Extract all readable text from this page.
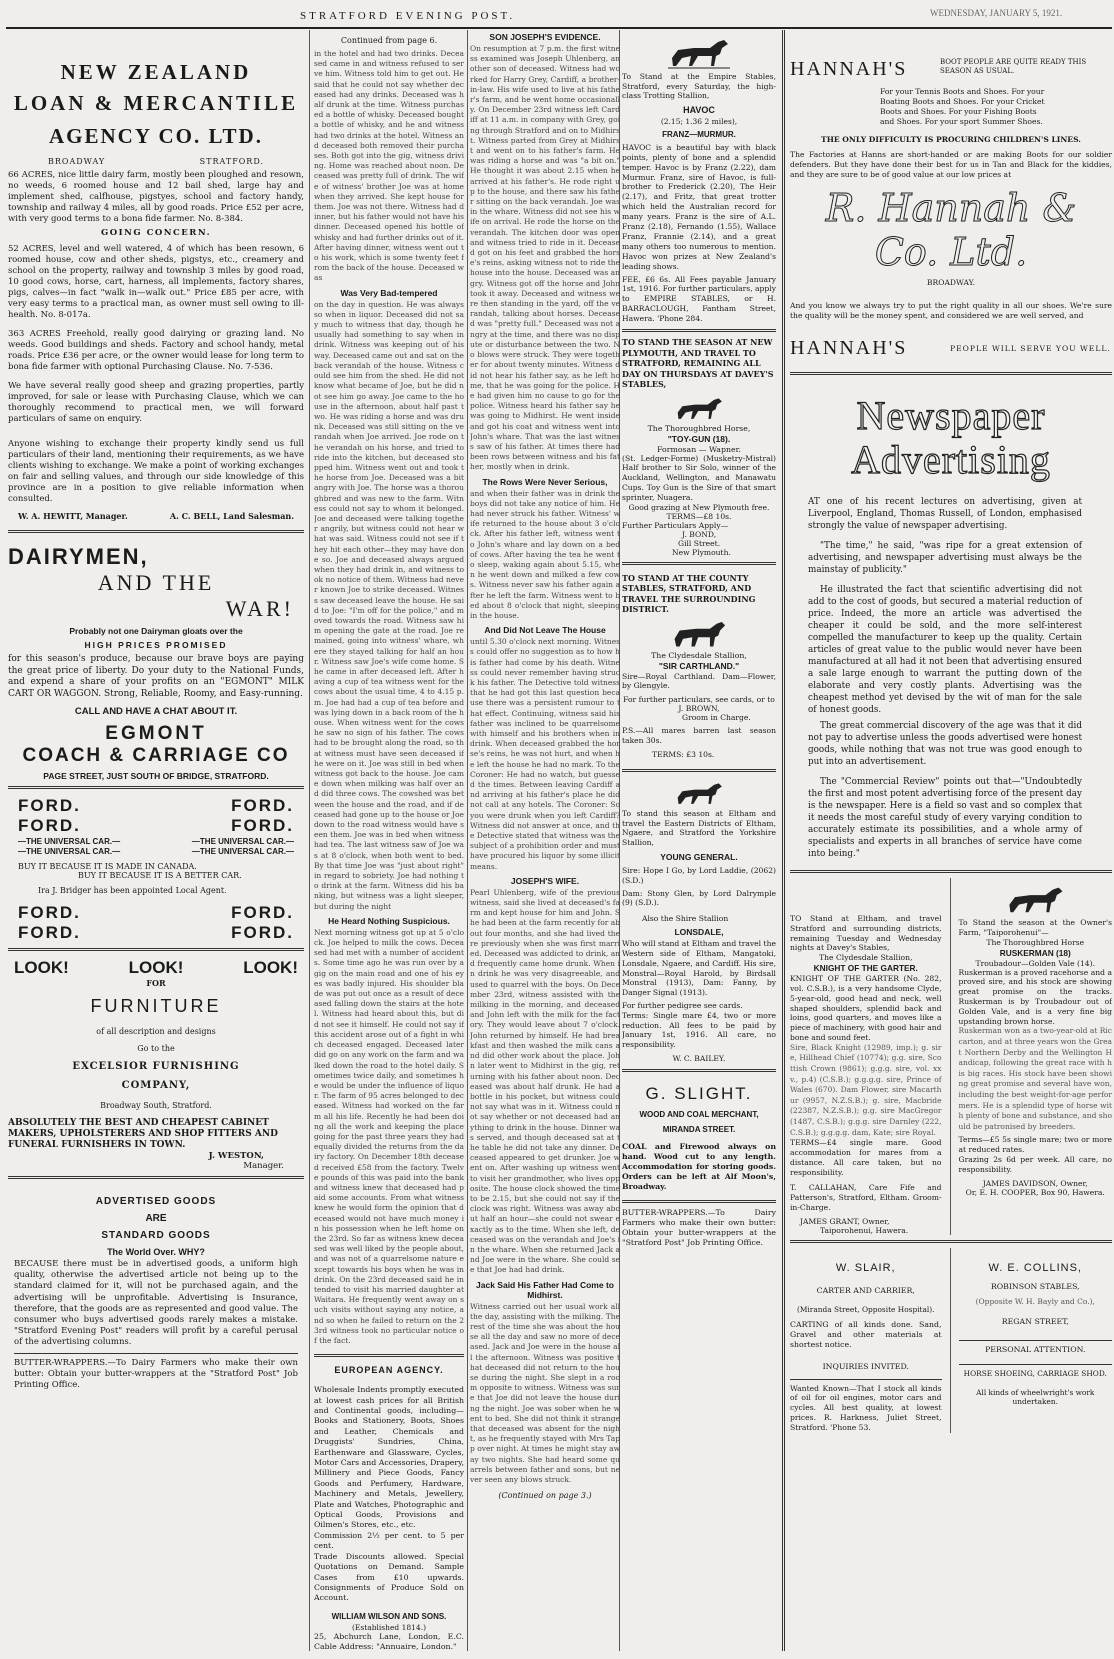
STRATFORD EVENING POST.	WEDNESDAY, JANUARY 5, 1921.
NEW ZEALAND
LOAN & MERCANTILE
AGENCY CO. LTD.
BROADWAY	STRATFORD.

66 ACRES, nice little dairy farm, mostly been ploughed and resown, no weeds, 6 roomed house and 12 bail shed, large hay and implement shed, calfhouse, pigstyes, school and factory handy, township and railway 4 miles, all by good roads. Price £52 per acre, with very good terms to a bona fide farmer. No. 8-384.

GOING CONCERN.

52 ACRES, level and well watered, 4 of which has been resown, 6 roomed house, cow and other sheds, pigstys, etc., creamery and school on the property, railway and township 3 miles by good road, 10 good cows, horse, cart, harness, all implements, factory shares, pigs, calves—in fact "walk in—walk out." Price £85 per acre, with very easy terms to a practical man, as owner must sell owing to ill-health. No. 8-017a.

363 ACRES Freehold, really good dairying or grazing land. No weeds. Good buildings and sheds. Factory and school handy, metal roads. Price £36 per acre, or the owner would lease for long term to bona fide farmer with optional Purchasing Clause. No. 7-536.

We have several really good sheep and grazing properties, partly improved, for sale or lease with Purchasing Clause, which we can thoroughly recommend to practical men, we will forward particulars of same on enquiry.

Anyone wishing to exchange their property kindly send us full particulars of their land, mentioning their requirements, as we have clients wishing to exchange. We make a point of working exchanges on fair and selling values, and through our side knowledge of this province are in a position to give reliable information when consulted.

W. A. HEWITT, Manager.	A. C. BELL, Land Salesman.
DAIRYMEN,
AND THE
WAR!
Probably not one Dairyman gloats over the
HIGH PRICES PROMISED

for this season's produce, because our brave boys are paying the great price of liberty. Do your duty to the National Funds, and expend a share of your profits on an "EGMONT" MILK CART OR WAGGON. Strong, Reliable, Roomy, and Easy-running.

CALL AND HAVE A CHAT ABOUT IT.
EGMONT
COACH & CARRIAGE CO
PAGE STREET, JUST SOUTH OF BRIDGE, STRATFORD.
FORD.	FORD.
FORD.	FORD.
—THE UNIVERSAL CAR.—	—THE UNIVERSAL CAR.—
—THE UNIVERSAL CAR.—	—THE UNIVERSAL CAR.—
BUY IT BECAUSE IT IS MADE IN CANADA.
BUY IT BECAUSE IT IS A BETTER CAR.
Ira J. Bridger has been appointed Local Agent.
FORD.	FORD.
FORD.	FORD.
LOOK!	LOOK!	LOOK!
FOR
FURNITURE
of all description and designs
Go to the
EXCELSIOR FURNISHING
COMPANY,
Broadway South, Stratford.
ABSOLUTELY THE BEST AND CHEAPEST CABINET MAKERS, UPHOLSTERERS AND SHOP FITTERS AND FUNERAL FURNISHERS IN TOWN.
J. WESTON,
Manager.
ADVERTISED GOODS
ARE
STANDARD GOODS
The World Over. WHY?

BECAUSE there must be in advertised goods, a uniform high quality, otherwise the advertised article not being up to the standard claimed for it, will not be purchased again, and the advertising will be unprofitable. Advertising is Insurance, therefore, that the goods are as represented and good value. The consumer who buys advertised goods rarely makes a mistake. "Stratford Evening Post" readers will profit by a careful perusal of the advertising columns.

BUTTER-WRAPPERS.—To Dairy Farmers who make their own butter: Obtain your butter-wrappers at the "Stratford Post" Job Printing Office.

Continued from page 6.
in the hotel and had two drinks. Deceased came in and witness refused to serve him. Witness told him to get out. He said that he could not say whether deceased had any drinks. Deceased was half drunk at the time. Witness purchased a bottle of whisky. Deceased bought a bottle of whisky, and he and witness had two drinks at the hotel. Witness and deceased both removed their purchases. Both got into the gig, witness driving. Home was reached about noon. Deceased was pretty full of drink. The wife of witness' brother Joe was at home when they arrived. She kept house for them. Joe was not there. Witness had dinner, but his father would not have his dinner. Deceased opened his bottle of whisky and had further drinks out of it. After having dinner, witness went out to his work, which is some twenty feet from the back of the house. Deceased was
Was Very Bad-tempered
on the day in question. He was always so when in liquor. Deceased did not say much to witness that day, though he usually had something to say when in drink. Witness was keeping out of his way. Deceased came out and sat on the back verandah of the house. Witness could see him from the shed. He did not know what became of Joe, but he did not see him go away. Joe came to the house in the afternoon, about half past two. He was riding a horse and was drunk. Deceased was still sitting on the verandah when Joe arrived. Joe rode on the verandah on his horse, and tried to ride into the kitchen, but deceased stopped him. Witness went out and took the horse from Joe. Deceased was a bit angry with Joe. The horse was a thoroughbred and was new to the farm. Witness could not say to whom it belonged. Joe and deceased were talking together angrily, but witness could not hear what was said. Witness could not see if they hit each other—they may have done so. Joe and deceased always argued when they had drink in, and witness took no notice of them. Witness had never known Joe to strike deceased. Witness saw deceased leave the house. He said to Joe: "I'm off for the police," and moved towards the road. Witness saw him opening the gate at the road. Joe remained, going into witness' whare, where they stayed talking for half an hour. Witness saw Joe's wife come home. She came in after deceased left. After having a cup of tea witness went for the cows about the usual time, 4 to 4.15 p.m. Joe had had a cup of tea before and was lying down in a back room of the house. When witness went for the cows he saw no sign of his father. The cows had to be brought along the road, so that witness must have seen deceased if he were on it. Joe was still in bed when witness got back to the house. Joe came down when milking was half over and did three cows. The cowshed was between the house and the road, and if deceased had gone up to the house or Joe down to the road witness would have seen them. Joe was in bed when witness had tea. The last witness saw of Joe was at 8 o'clock, when both went to bed. By that time Joe was "just about right" in regard to sobriety. Joe had nothing to drink at the farm. Witness did his banking, but witness was a light sleeper, but during the night
He Heard Nothing Suspicious.
Next morning witness got up at 5 o'clock. Joe helped to milk the cows. Deceased had met with a number of accidents. Some time ago he was run over by a gig on the main road and one of his eyes was badly injured. His shoulder blade was put out once as a result of deceased falling down the stairs at the hotel. Witness had heard about this, but did not see it himself. He could not say if this accident arose out of a fight in which deceased engaged. Deceased later did go on any work on the farm and walked down the road to the hotel daily. Sometimes twice daily, and sometimes he would be under the influence of liquor. The farm of 95 acres belonged to deceased. Witness had worked on the farm all his life. Recently he had been doing all the work and keeping the place going for the past three years they had equally divided the returns from the dairy factory. On December 18th deceased received £58 from the factory. Twelve pounds of this was paid into the bank and witness knew that deceased had paid some accounts. From what witness knew he would form the opinion that deceased would not have much money in his possession when he left home on the 23rd. So far as witness knew deceased was well liked by the people about, and was not of a quarrelsome nature except towards his boys when he was in drink. On the 23rd deceased said he intended to visit his married daughter at Waitara. He frequently went away on such visits without saying any notice, and so when he failed to return on the 23rd witness took no particular notice of the fact.
EUROPEAN AGENCY.

Wholesale Indents promptly executed at lowest cash prices for all British and Continental goods, including—Books and Stationery, Boots, Shoes and Leather, Chemicals and Druggists' Sundries, China, Earthenware and Glassware, Cycles, Motor Cars and Accessories, Drapery, Millinery and Piece Goods, Fancy Goods and Perfumery, Hardware, Machinery and Metals, Jewellery, Plate and Watches, Photographic and Optical Goods, Provisions and Oilmen's Stores, etc., etc.

Commission 2½ per cent. to 5 per cent.

Trade Discounts allowed. Special Quotations on Demand. Sample Cases from £10 upwards. Consignments of Produce Sold on Account.

WILLIAM WILSON AND SONS.
(Established 1814.)

25, Abchurch Lane, London, E.C. Cable Address: "Annuaire, London."

SON JOSEPH'S EVIDENCE.
On resumption at 7 p.m. the first witness examined was Joseph Uhlenberg, another son of deceased. Witness had worked for Harry Grey, Cardiff, a brother-in-law. His wife used to live at his father's farm, and he went home occasionally. On December 23rd witness left Cardiff at 11 a.m. in company with Grey, going through Stratford and on to Midhirst. Witness parted from Grey at Midhirst and went on to his father's farm. He was riding a horse and was "a bit on." He thought it was about 2.15 when he arrived at his father's. He rode right up to the house, and there saw his father sitting on the back verandah. Joe was in the whare. Witness did not see his wife on arrival. He rode the horse on the verandah. The kitchen door was open and witness tried to ride in it. Deceased got on his feet and grabbed the horse's reins, asking witness not to ride the house into the house. Deceased was angry. Witness got off the horse and John took it away. Deceased and witness were then standing in the yard, off the verandah, talking about horses. Deceased was "pretty full." Deceased was not angry at the time, and there was no dispute or disturbance between the two. No blows were struck. They were together for about twenty minutes. Witness did not hear his father say, as he left home, that he was going for the police. He had given him no cause to go for the police. Witness heard his father say he was going to Midhirst. He went inside and got his coat and witness went into John's whare. That was the last witness saw of his father. At times there had been rows between witness and his father, mostly when in drink.
The Rows Were Never Serious,
and when their father was in drink the boys did not take any notice of him. He had never struck his father. Witness' wife returned to the house about 3 o'clock. After his father left, witness went to John's whare and lay down on a bed of cows. After having the tea he went to sleep, waking again about 5.15, when he went down and milked a few cows. Witness never saw his father again after he left the farm. Witness went to bed about 8 o'clock that night, sleeping in the house.
And Did Not Leave The House
until 5.30 o'clock next morning. Witness could offer no suggestion as to how his father had come by his death. Witness could never remember having struck his father. The Detective told witness that he had got this last question because there was a persistent rumour to that effect. Continuing, witness said his father was inclined to be quarrelsome with himself and his brothers when in drink. When deceased grabbed the horse's reins, he was not hurt, and when he left the house he had no mark. To the Coroner: He had no watch, but guessed the times. Between leaving Cardiff and arriving at his father's place he did not call at any hotels. The Coroner: So you were drunk when you left Cardiff? Witness did not answer at once, and the Detective stated that witness was the subject of a prohibition order and must have procured his liquor by some illicit means.
JOSEPH'S WIFE.
Pearl Uhlenberg, wife of the previous witness, said she lived at deceased's farm and kept house for him and John. She had been at the farm recently for about four months, and she had lived there previously when she was first married. Deceased was addicted to drink, and frequently came home drunk. When in drink he was very disagreeable, and used to quarrel with the boys. On December 23rd, witness assisted with the milking in the morning, and deceased and John left with the milk for the factory. They would leave about 7 o'clock. John returned by himself. He had breakfast and then washed the milk cans and did other work about the place. John later went to Midhirst in the gig, returning with his father about noon. Deceased was about half drunk. He had a bottle in his pocket, but witness could not say what was in it. Witness could not say whether or not deceased had anything to drink in the house. Dinner was served, and though deceased sat at the table he did not take any dinner. Deceased appeared to get drunker. Joe went on. After washing up witness went to visit her grandmother, who lives opposite. The house clock showed the time to be 2.15, but she could not say if the clock was right. Witness was away about half an hour—she could not swear exactly as to the time. When she left, deceased was on the verandah and Joe's in the whare. When she returned Jack and Joe were in the whare. She could see that Joe had had drink.
Jack Said His Father Had Come to Midhirst.
Witness carried out her usual work all the day, assisting with the milking. The rest of the time she was about the house all the day and saw no more of deceased. Jack and Joe were in the house all the afternoon. Witness was positive that deceased did not return to the house during the night. She slept in a room opposite to witness. Witness was sure that Joe did not leave the house during the night. Joe was sober when he went to bed. She did not think it strange that deceased was absent for the night, as he frequently stayed with Mrs Tapp over night. At times he might stay away two nights. She had heard some quarrels between father and sons, but never seen any blows struck.
(Continued on page 3.)

To Stand at the Empire Stables, Stratford, every Saturday, the high-class Trotting Stallion,

HAVOC
(2.15; 1.36 2 miles),
FRANZ—MURMUR.

HAVOC is a beautiful bay with black points, plenty of bone and a splendid temper. Havoc is by Franz (2.22), dam Murmur. Franz, sire of Havoc, is full-brother to Frederick (2.20), The Heir (2.17), and Fritz, that great trotter which held the Australian record for many years. Franz is the sire of A.L. Franz (2.18), Fernando (1.55), Wallace Franz, Frannie (2.14), and a great many others too numerous to mention. Havoc won prizes at New Zealand's leading shows.

FEE, £6 6s. All Fees payable January 1st, 1916. For further particulars, apply to EMPIRE STABLES, or H. BARRACLOUGH, Fantham Street, Hawera. 'Phone 284.

TO STAND THE SEASON AT NEW PLYMOUTH, AND TRAVEL TO STRATFORD, REMAINING ALL DAY ON THURSDAYS AT DAVEY'S STABLES,
The Thoroughbred Horse,
"TOY-GUN (18).
Formosan — Wapner.

(St. Ledger-Forme) (Musketry-Mistral) Half brother to Sir Solo, winner of the Auckland, Wellington, and Manawatu Cups. Toy Gun is the Sire of that smart sprinter, Nuagera.

Good grazing at New Plymouth free.
TERMS—£8 10s.
Further Particulars Apply—
J. BOND,
Gill Street.
New Plymouth.
TO STAND AT THE COUNTY STABLES, STRATFORD, AND TRAVEL THE SURROUNDING DISTRICT.
The Clydesdale Stallion,
"SIR CARTHLAND."

Sire—Royal Carthland. Dam—Flower, by Glengyle.

For further particulars, see cards, or to
J. BROWN,
Groom in Charge.

P.S.—All mares barren last season taken 30s.

TERMS: £3 10s.

To stand this season at Eltham and travel the Eastern Districts of Eltham, Ngaere, and Stratford the Yorkshire Stallion,

YOUNG GENERAL.

Sire: Hope I Go, by Lord Laddie, (2062) (S.D.)

Dam: Stony Glen, by Lord Dalrymple (9) (S.D.).

Also the Shire Stallion
LONSDALE,

Who will stand at Eltham and travel the Western side of Eltham, Mangatoki, Lonsdale, Ngaere, and Cardiff. His sire, Monstral—Royal Harold, by Birdsall Monstral (1913), Dam: Fanny, by Danger Signal (1913).

For further pedigree see cards.

Terms: Single mare £4, two or more reduction. All fees to be paid by January 1st, 1916. All care, no responsibility.

W. C. BAILEY.
G. SLIGHT.
WOOD AND COAL MERCHANT,
MIRANDA STREET.

COAL and Firewood always on hand. Wood cut to any length. Accommodation for storing goods. Orders can be left at Alf Moon's, Broadway.

BUTTER-WRAPPERS.—To Dairy Farmers who make their own butter: Obtain your butter-wrappers at the "Stratford Post" Job Printing Office.

HANNAH'S	BOOT PEOPLE ARE QUITE READY THIS SEASON AS USUAL.

For your Tennis Boots and Shoes. For your Boating Boots and Shoes. For your Cricket Boots and Shoes. For your Fishing Boots and Shoes. For your sport Summer Shoes.

THE ONLY DIFFICULTY IS PROCURING CHILDREN'S LINES.

The Factories at Hanns are short-handed or are making Boots for our soldier defenders. But they have done their best for us in Tan and Black for the kiddies, and they are sure to be of good value at our low prices at

R. Hannah & Co. Ltd.
BROADWAY.

And you know we always try to put the right quality in all our shoes. We're sure the quality will be the money spent, and considered we are well served, and

HANNAH'S	PEOPLE WILL SERVE YOU WELL.
Newspaper
Advertising

AT one of his recent lectures on advertising, given at Liverpool, England, Thomas Russell, of London, emphasised strongly the value of newspaper advertising.

"The time," he said, "was ripe for a great extension of advertising, and newspaper advertising must always be the mainstay of publicity."

He illustrated the fact that scientific advertising did not add to the cost of goods, but secured a material reduction of price. Indeed, the more an article was advertised the cheaper it could be sold, and the more self-interest compelled the manufacturer to keep up the quality. Certain articles of great value to the public would never have been manufactured at all had it not been that advertising ensured a sale large enough to warrant the putting down of the elaborate and very costly plants. Advertising was the cheapest method yet devised by the wit of man for the sale of honest goods.

The great commercial discovery of the age was that it did not pay to advertise unless the goods advertised were honest goods, while nothing that was not true was good enough to put into an advertisement.

The "Commercial Review" points out that—"Undoubtedly the first and most potent advertising force of the present day is the newspaper. Here is a field so vast and so complex that it needs the most careful study of every varying condition to accurately estimate its possibilities, and a whole army of specialists and experts in all branches of service have come into being."

TO Stand at Eltham, and travel Stratford and surrounding districts, remaining Tuesday and Wednesday nights at Davey's Stables,

The Clydesdale Stallion,
KNIGHT OF THE GARTER.

KNIGHT OF THE GARTER (No. 282, vol. C.S.B.), is a very handsome Clyde, 5-year-old, good head and neck, well shaped shoulders, splendid back and loins, good quarters, and moves like a piece of machinery, with good hair and bone and sound feet.

Sire, Black Knight (12989, imp.); g. sire, Hillhead Chief (10774); g.g. sire, Scottish Crown (9861); g.g.g. sire, vol. xxv., p.4) (C.S.B.); g.g.g.g. sire, Prince of Wales (670). Dam Flower, sire Macarthur (9957, N.Z.S.B.); g. sire, Macbride (22387, N.Z.S.B.); g.g. sire MacGregor (1487, C.S.B.); g.g.g. sire Darnley (222, C.S.B.); g.g.g.g. dam, Kate; sire Royal.

TERMS—£4 single mare. Good accommodation for mares from a distance. All care taken, but no responsibility.

T. CALLAHAN, Care Fife and Patterson's, Stratford, Eltham. Groom-in-Charge.

JAMES GRANT, Owner,
Taiporohenui, Hawera.

To Stand the season at the Owner's Farm, "Taiporohenui"—

The Thoroughbred Horse
RUSKERMAN (18)
Troubadour—Golden Vale (14).

Ruskerman is a proved racehorse and a proved sire, and his stock are showing great promise on the tracks. Ruskerman is by Troubadour out of Golden Vale, and is a very fine big upstanding brown horse.

Ruskerman won as a two-year-old at Riccarton, and at three years won the Great Northern Derby and the Wellington Handicap, following the great race with his big races. His stock have been showing great promise and several have won, including the best weight-for-age performers. He is a splendid type of horse with plenty of bone and substance, and should be patronised by breeders.

Terms—£5 5s single mare; two or more at reduced rates.

Grazing 2s 6d per week. All care, no responsibility.

JAMES DAVIDSON, Owner,
Or, E. H. COOPER, Box 90, Hawera.
W. SLAIR,
CARTER AND CARRIER,
(Miranda Street, Opposite Hospital).

CARTING of all kinds done. Sand, Gravel and other materials at shortest notice.

INQUIRIES INVITED.

Wanted Known—That I stock all kinds of oil for oil engines, motor cars and cycles. All best quality, at lowest prices. R. Harkness, Juliet Street, Stratford. 'Phone 53.

W. E. COLLINS,
ROBINSON STABLES,
(Opposite W. H. Bayly and Co.),
REGAN STREET,
PERSONAL ATTENTION.
HORSE SHOEING, CARRIAGE SHOD.
All kinds of wheelwright's work undertaken.
